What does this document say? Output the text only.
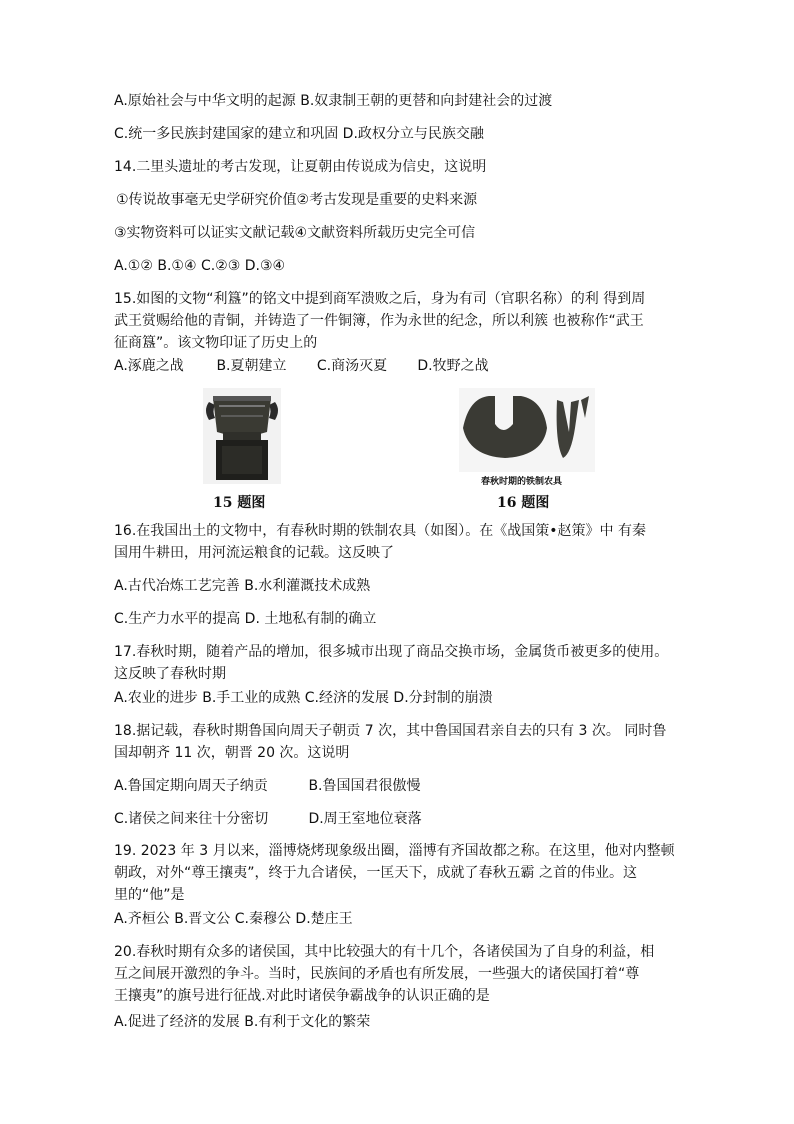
A.原始社会与中华文明的起源 B.奴隶制王朝的更替和向封建社会的过渡
C.统一多民族封建国家的建立和巩固 D.政权分立与民族交融
14.二里头遗址的考古发现，让夏朝由传说成为信史，这说明
①传说故事毫无史学研究价值②考古发现是重要的史料来源
③实物资料可以证实文献记载④文献资料所载历史完全可信
A.①② B.①④ C.②③ D.③④
15.如图的文物“利簋”的铭文中提到商军溃败之后，身为有司（官职名称）的利 得到周
武王赏赐给他的青铜，并铸造了一件铜簿，作为永世的纪念，所以利簇 也被称作“武王
征商簋”。该文物印证了历史上的
A.涿鹿之战 B.夏朝建立 C.商汤灭夏 D.牧野之战
15 题图
春秋时期的铁制农具
16 题图
16.在我国出土的文物中，有春秋时期的铁制农具（如图）。在《战国策•赵策》中 有秦
国用牛耕田，用河流运粮食的记载。这反映了
A.古代冶炼工艺完善 B.水利灌溉技术成熟
C.生产力水平的提高 D. 土地私有制的确立
17.春秋时期，随着产品的增加，很多城市出现了商品交换市场，金属货币被更多的使用。
这反映了春秋时期
A.农业的进步 B.手工业的成熟 C.经济的发展 D.分封制的崩溃
18.据记载，春秋时期鲁国向周天子朝贡 7 次，其中鲁国国君亲自去的只有 3 次。 同时鲁
国却朝齐 11 次，朝晋 20 次。这说明
A.鲁国定期向周天子纳贡	B.鲁国国君很傲慢
C.诸侯之间来往十分密切	D.周王室地位衰落
19. 2023 年 3 月以来，淄博烧烤现象级出圈，淄博有齐国故都之称。在这里，他对内整顿
朝政，对外“尊王攘夷”，终于九合诸侯，一匡天下，成就了春秋五霸 之首的伟业。这
里的“他”是
A.齐桓公 B.晋文公 C.秦穆公 D.楚庄王
20.春秋时期有众多的诸侯国，其中比较强大的有十几个，各诸侯国为了自身的利益，相
互之间展开激烈的争斗。当时，民族间的矛盾也有所发展，一些强大的诸侯国打着“尊
王攘夷”的旗号进行征战.对此时诸侯争霸战争的认识正确的是
A.促进了经济的发展 B.有利于文化的繁荣
